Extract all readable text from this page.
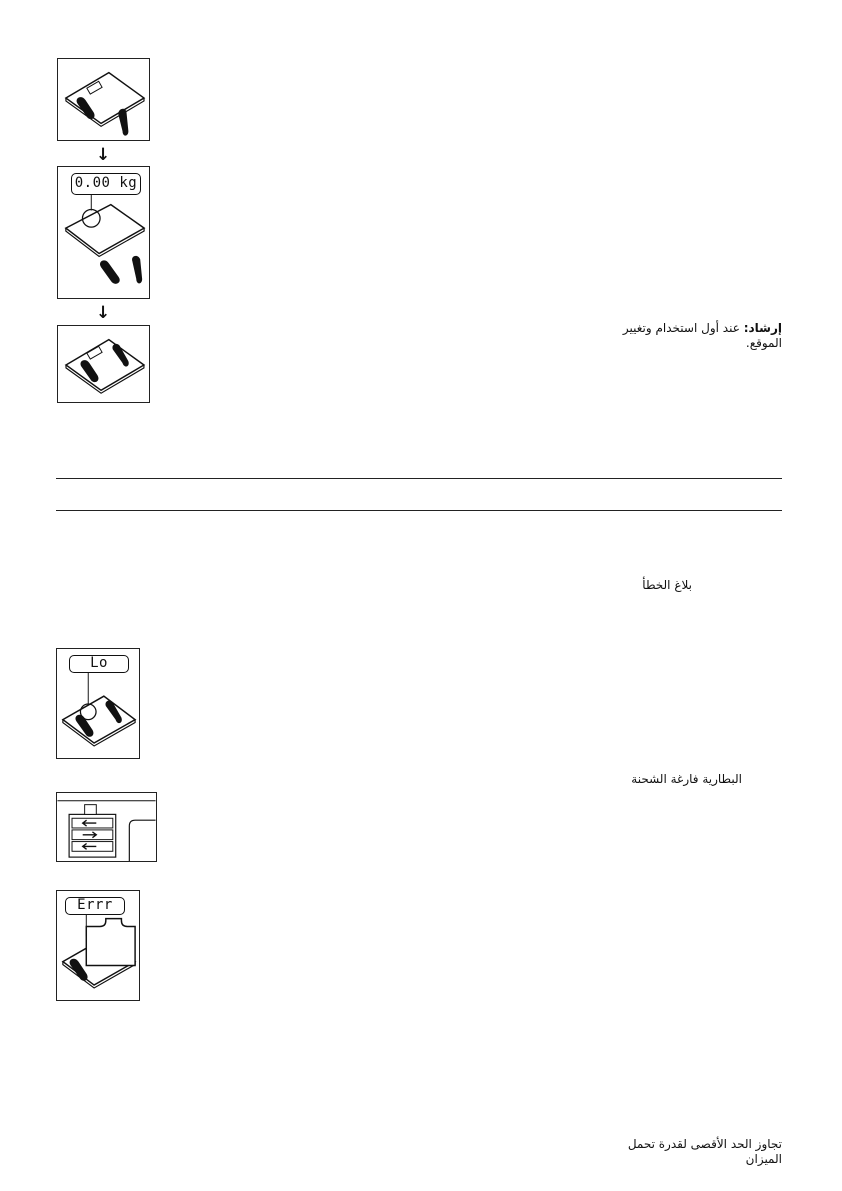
↓
0.00 kg
↓
إرشاد: عند أول استخدام وتغيير
الموقع.
بلاغ الخطأ
Lo
البطارية فارغة الشحنة
Errr
تجاوز الحد الأقصى لقدرة تحمل
الميزان
